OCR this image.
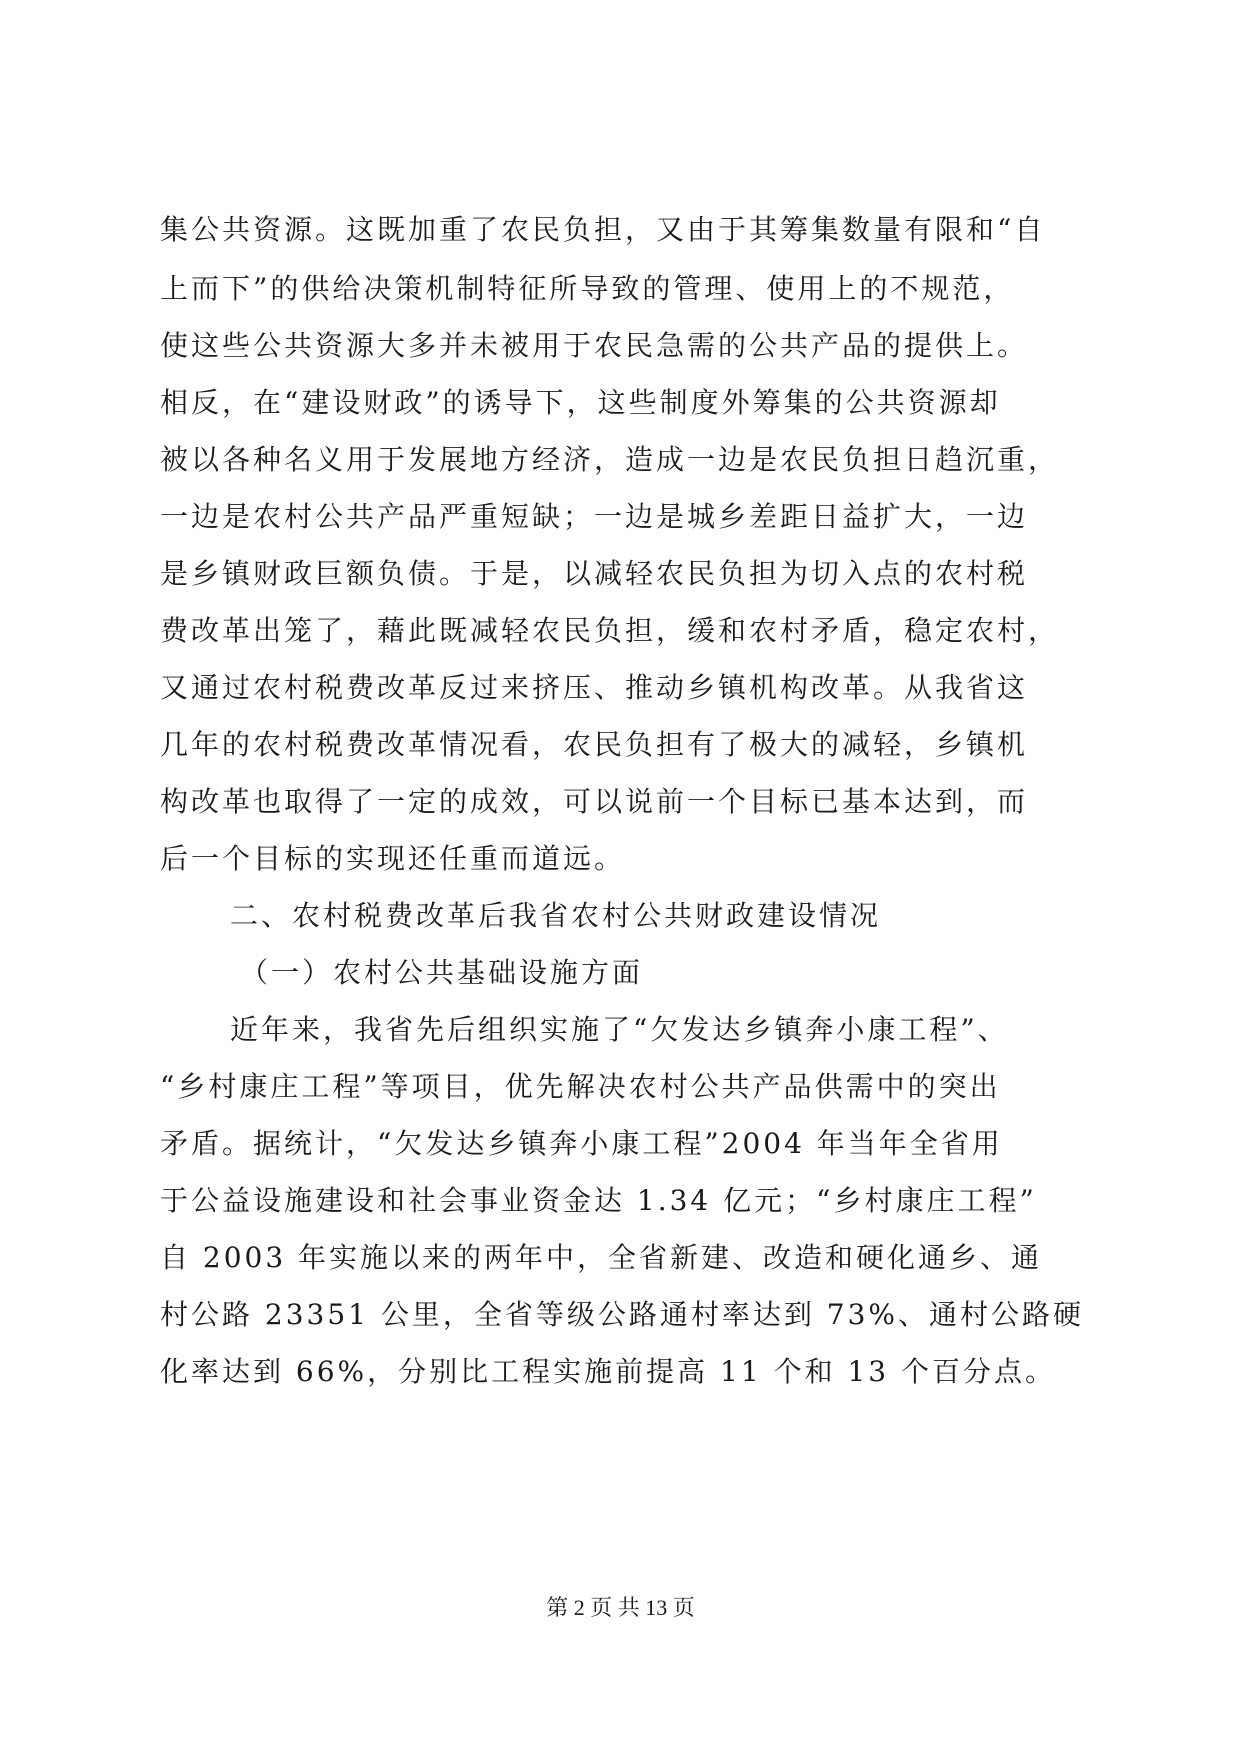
集公共资源。这既加重了农民负担，又由于其筹集数量有限和“自
上而下”的供给决策机制特征所导致的管理、使用上的不规范，
使这些公共资源大多并未被用于农民急需的公共产品的提供上。
相反，在“建设财政”的诱导下，这些制度外筹集的公共资源却
被以各种名义用于发展地方经济，造成一边是农民负担日趋沉重，
一边是农村公共产品严重短缺；一边是城乡差距日益扩大，一边
是乡镇财政巨额负债。于是，以减轻农民负担为切入点的农村税
费改革出笼了，藉此既减轻农民负担，缓和农村矛盾，稳定农村，
又通过农村税费改革反过来挤压、推动乡镇机构改革。从我省这
几年的农村税费改革情况看，农民负担有了极大的减轻，乡镇机
构改革也取得了一定的成效，可以说前一个目标已基本达到，而
后一个目标的实现还任重而道远。
二、农村税费改革后我省农村公共财政建设情况
（一）农村公共基础设施方面
近年来，我省先后组织实施了“欠发达乡镇奔小康工程”、
“乡村康庄工程”等项目，优先解决农村公共产品供需中的突出
矛盾。据统计，“欠发达乡镇奔小康工程”2004 年当年全省用
于公益设施建设和社会事业资金达 1.34 亿元；“乡村康庄工程”
自 2003 年实施以来的两年中，全省新建、改造和硬化通乡、通
村公路 23351 公里，全省等级公路通村率达到 73%、通村公路硬
化率达到 66%，分别比工程实施前提高 11 个和 13 个百分点。
第 2 页 共 13 页
